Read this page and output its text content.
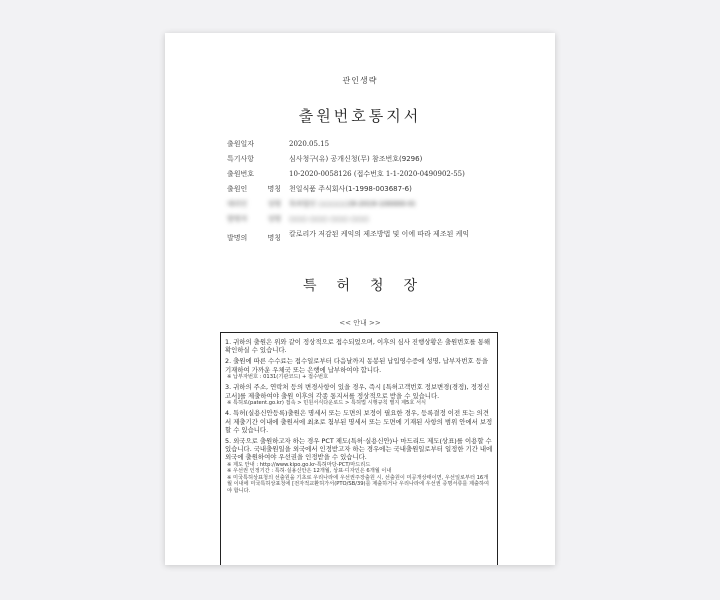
관인생략
출원번호통지서
출원일자	2020.05.15
특기사항	심사청구(유) 공개신청(무) 참조번호(9296)
출원번호	10-2020-0058126 (접수번호 1-1-2020-0490902-55)
출원인 명칭 천일식품 주식회사(1-1998-003687-6)
대리인 성명 특허법인 ○○○○○(9-2019-100000-0)
발명자 성명 ○○○ ○○○ ○○○ ○○○
발명의 명칭 칼로리가 저감된 케익의 제조방법 및 이에 따라 제조된 케익
특허청장
<< 안내 >>
1. 귀하의 출원은 위와 같이 정상적으로 접수되었으며, 이후의 심사 진행상황은 출원번호를 통해 확인하실 수 있습니다.
2. 출원에 따른 수수료는 접수일로부터 다음날까지 동봉된 납입영수증에 성명, 납부자번호 등을 기재하여 가까운 우체국 또는 은행에 납부하여야 합니다.
※ 납부자번호 : 0131(기관코드) + 접수번호
3. 귀하의 주소, 연락처 등의 변경사항이 있을 경우, 즉시 [특허고객번호 정보변경(경정), 정정신고서]를 제출하여야 출원 이후의 각종 통지서를 정상적으로 받을 수 있습니다.
※ 특허로(patent.go.kr) 접속 > 민원서식다운로드 > 특허법 시행규칙 별지 제5호 서식
4. 특허(실용신안등록)출원은 명세서 또는 도면의 보정이 필요한 경우, 등록결정 이전 또는 의견서 제출기간 이내에 출원서에 최초로 첨부된 명세서 또는 도면에 기재된 사항의 범위 안에서 보정할 수 있습니다.
5. 외국으로 출원하고자 하는 경우 PCT 제도(특허·실용신안)나 마드리드 제도(상표)를 이용할 수 있습니다. 국내출원일을 외국에서 인정받고자 하는 경우에는 국내출원일로부터 일정한 기간 내에 외국에 출원하여야 우선권을 인정받을 수 있습니다.
※ 제도 안내 : http://www.kipo.go.kr-특허마당-PCT/마드리드
※ 우선권 인정기간 : 특허·실용신안은 12개월, 상표·디자인은 6개월 이내
※ 미국특허상표청의 선출원을 기초로 우리나라에 우선권주장출원 시, 선출원이 미공개상태이면, 우선일로부터 16개월 이내에 미국특허상표청에 [전자적교환허가서(PTO/SB/39)를 제출하거나 우리나라에 우선권 증명서류를 제출하여야 합니다.
